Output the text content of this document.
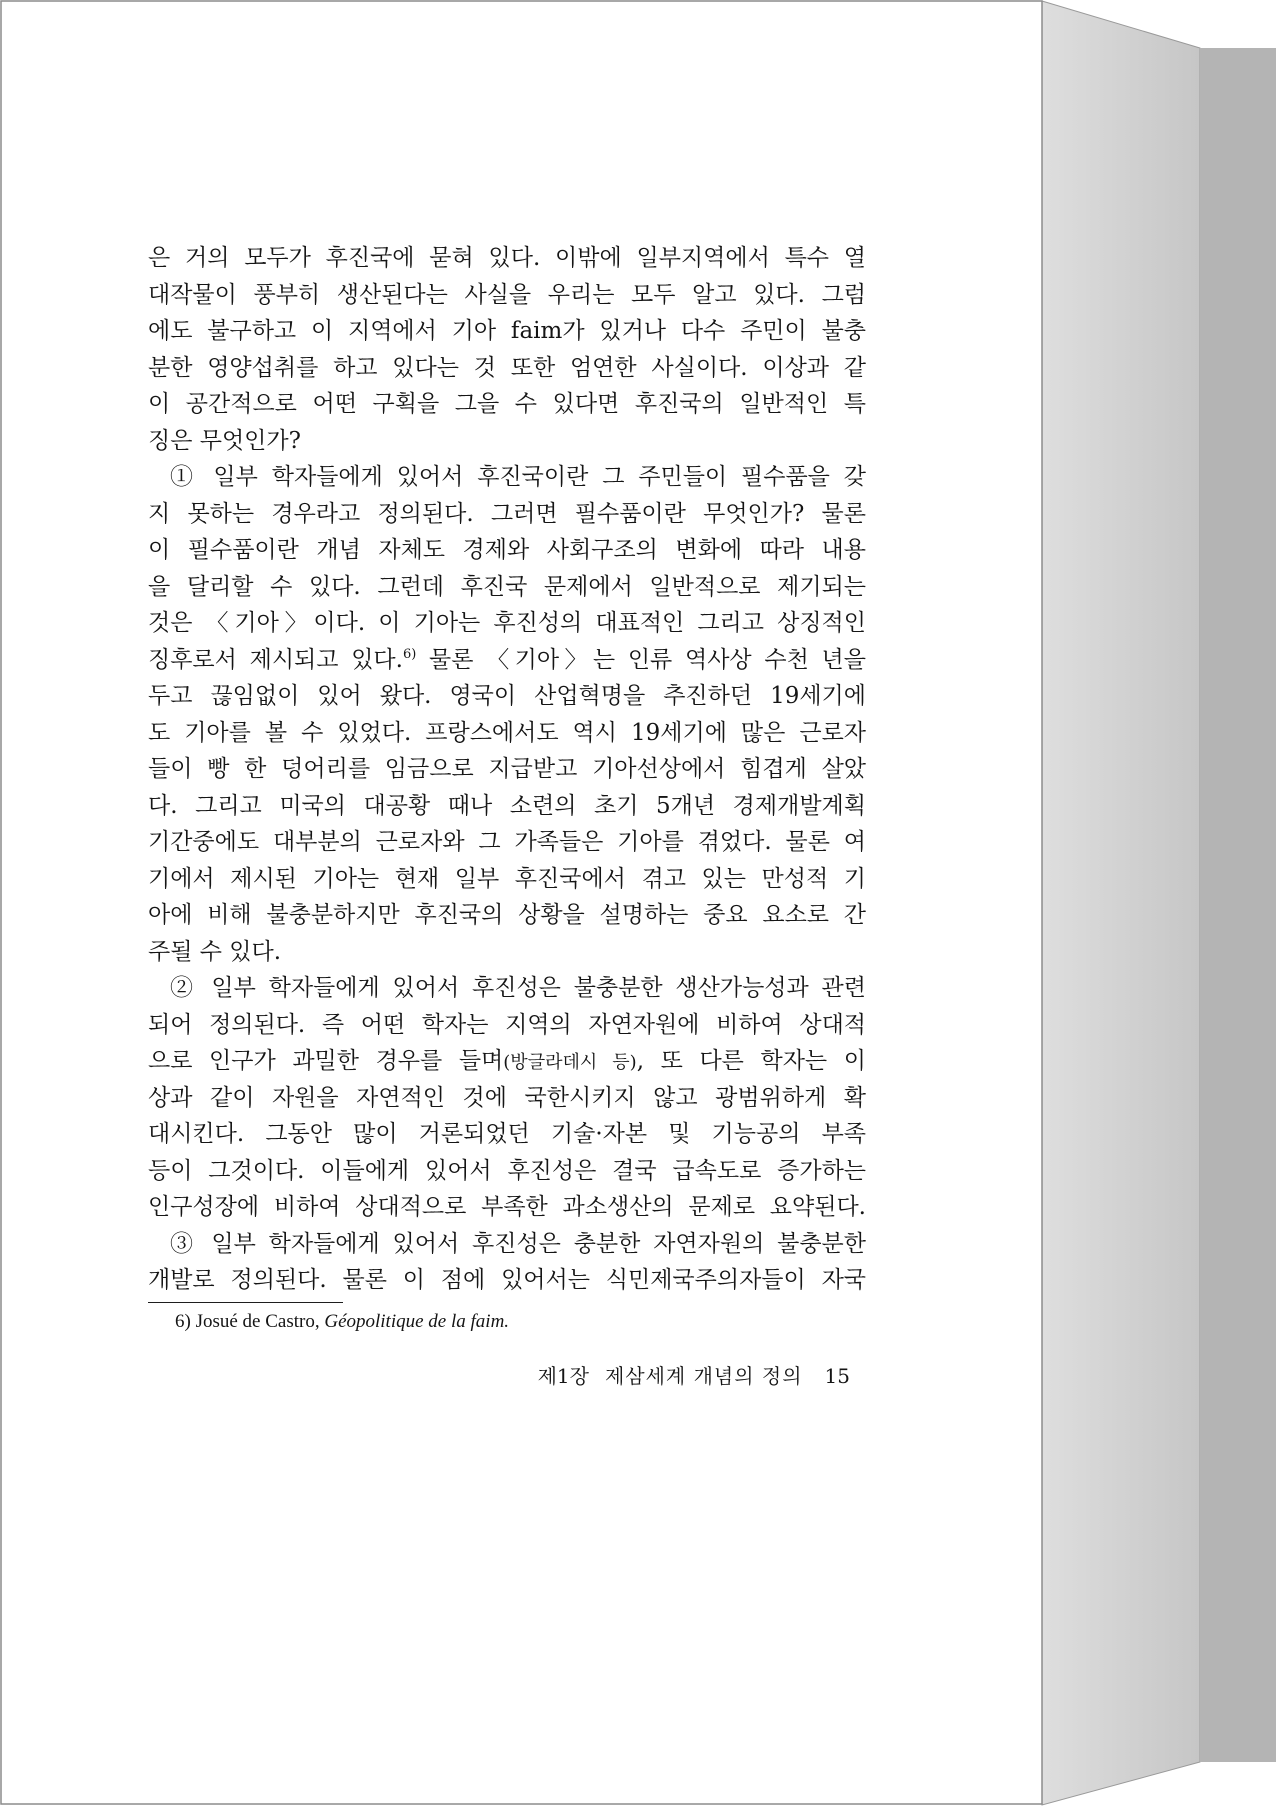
은 거의 모두가 후진국에 묻혀 있다. 이밖에 일부지역에서 특수 열
대작물이 풍부히 생산된다는 사실을 우리는 모두 알고 있다. 그럼
에도 불구하고 이 지역에서 기아 faim가 있거나 다수 주민이 불충
분한 영양섭취를 하고 있다는 것 또한 엄연한 사실이다. 이상과 같
이 공간적으로 어떤 구획을 그을 수 있다면 후진국의 일반적인 특
징은 무엇인가?
① 일부 학자들에게 있어서 후진국이란 그 주민들이 필수품을 갖
지 못하는 경우라고 정의된다. 그러면 필수품이란 무엇인가? 물론
이 필수품이란 개념 자체도 경제와 사회구조의 변화에 따라 내용
을 달리할 수 있다. 그런데 후진국 문제에서 일반적으로 제기되는
것은 〈기아〉이다. 이 기아는 후진성의 대표적인 그리고 상징적인
징후로서 제시되고 있다.$^{6)}$ 물론 〈기아〉는 인류 역사상 수천 년을
두고 끊임없이 있어 왔다. 영국이 산업혁명을 추진하던 19세기에
도 기아를 볼 수 있었다. 프랑스에서도 역시 19세기에 많은 근로자
들이 빵 한 덩어리를 임금으로 지급받고 기아선상에서 힘겹게 살았
다. 그리고 미국의 대공황 때나 소련의 초기 5개년 경제개발계획
기간중에도 대부분의 근로자와 그 가족들은 기아를 겪었다. 물론 여
기에서 제시된 기아는 현재 일부 후진국에서 겪고 있는 만성적 기
아에 비해 불충분하지만 후진국의 상황을 설명하는 중요 요소로 간
주될 수 있다.
② 일부 학자들에게 있어서 후진성은 불충분한 생산가능성과 관련
되어 정의된다. 즉 어떤 학자는 지역의 자연자원에 비하여 상대적
으로 인구가 과밀한 경우를 들며(방글라데시 등), 또 다른 학자는 이
상과 같이 자원을 자연적인 것에 국한시키지 않고 광범위하게 확
대시킨다. 그동안 많이 거론되었던 기술·자본 및 기능공의 부족
등이 그것이다. 이들에게 있어서 후진성은 결국 급속도로 증가하는
인구성장에 비하여 상대적으로 부족한 과소생산의 문제로 요약된다.
③ 일부 학자들에게 있어서 후진성은 충분한 자연자원의 불충분한
개발로 정의된다. 물론 이 점에 있어서는 식민제국주의자들이 자국
6) Josué de Castro, Géopolitique de la faim.
제1장 제삼세계 개념의 정의 15
